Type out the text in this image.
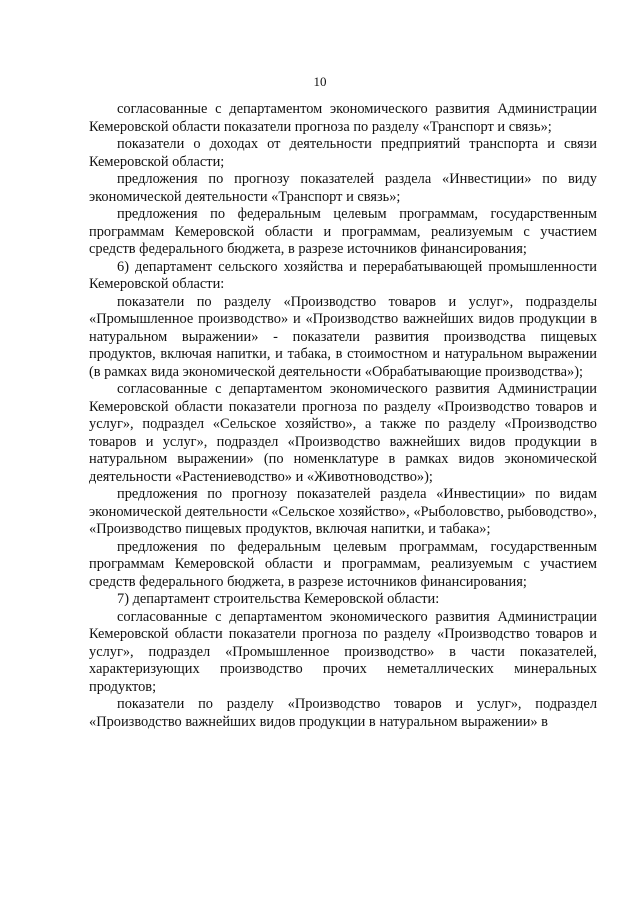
10

согласованные с департаментом экономического развития Администрации Кемеровской области показатели прогноза по разделу «Транспорт и связь»;

показатели о доходах от деятельности предприятий транспорта и связи Кемеровской области;

предложения по прогнозу показателей раздела «Инвестиции» по виду экономической деятельности «Транспорт и связь»;

предложения по федеральным целевым программам, государственным программам Кемеровской области и программам, реализуемым с участием средств федерального бюджета, в разрезе источников финансирования;

6) департамент сельского хозяйства и перерабатывающей промышленности Кемеровской области:

показатели по разделу «Производство товаров и услуг», подразделы «Промышленное производство» и «Производство важнейших видов продукции в натуральном выражении» - показатели развития производства пищевых продуктов, включая напитки, и табака, в стоимостном и натуральном выражении (в рамках вида экономической деятельности «Обрабатывающие производства»);

согласованные с департаментом экономического развития Администрации Кемеровской области показатели прогноза по разделу «Производство товаров и услуг», подраздел «Сельское хозяйство», а также по разделу «Производство товаров и услуг», подраздел «Производство важнейших видов продукции в натуральном выражении» (по номенклатуре в рамках видов экономической деятельности «Растениеводство» и «Животноводство»);

предложения по прогнозу показателей раздела «Инвестиции» по видам экономической деятельности «Сельское хозяйство», «Рыболовство, рыбоводство», «Производство пищевых продуктов, включая напитки, и табака»;

предложения по федеральным целевым программам, государственным программам Кемеровской области и программам, реализуемым с участием средств федерального бюджета, в разрезе источников финансирования;

7) департамент строительства Кемеровской области:

согласованные с департаментом экономического развития Администрации Кемеровской области показатели прогноза по разделу «Производство товаров и услуг», подраздел «Промышленное производство» в части показателей, характеризующих производство прочих неметаллических минеральных продуктов;

показатели по разделу «Производство товаров и услуг», подраздел «Производство важнейших видов продукции в натуральном выражении» в
